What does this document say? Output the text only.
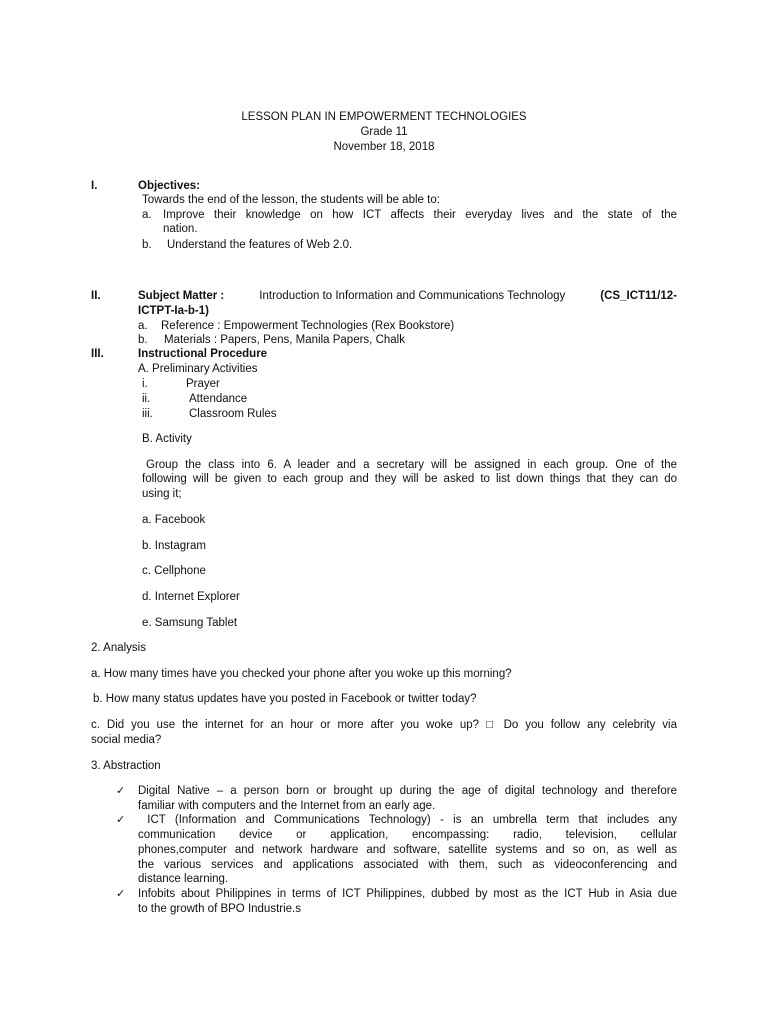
LESSON PLAN IN EMPOWERMENT TECHNOLOGIES
Grade 11
November 18, 2018
I.	Objectives:
Towards the end of the lesson, the students will be able to:
a. Improve their knowledge on how ICT affects their everyday lives and the state of the
nation.
b. Understand the features of Web 2.0.
II.	Subject Matter :	Introduction to Information and Communications Technology	(CS_ICT11/12-
ICTPT-Ia-b-1)
a. Reference : Empowerment Technologies (Rex Bookstore)
b. Materials : Papers, Pens, Manila Papers, Chalk
III.	Instructional Procedure
A. Preliminary Activities
i.	Prayer
ii.	Attendance
iii.	Classroom Rules
B. Activity
Group the class into 6. A leader and a secretary will be assigned in each group. One of the
following will be given to each group and they will be asked to list down things that they can do
using it;
a. Facebook
b. Instagram
c. Cellphone
d. Internet Explorer
e. Samsung Tablet
2. Analysis
a. How many times have you checked your phone after you woke up this morning?
b. How many status updates have you posted in Facebook or twitter today?
c. Did you use the internet for an hour or more after you woke up? □ Do you follow any celebrity via
social media?
3. Abstraction
✓ Digital Native – a person born or brought up during the age of digital technology and therefore
familiar with computers and the Internet from an early age.
✓ ICT (Information and Communications Technology) - is an umbrella term that includes any
communication device or application, encompassing: radio, television, cellular
phones,computer and network hardware and software, satellite systems and so on, as well as
the various services and applications associated with them, such as videoconferencing and
distance learning.
✓ Infobits about Philippines in terms of ICT Philippines, dubbed by most as the ICT Hub in Asia due
to the growth of BPO Industrie.s
